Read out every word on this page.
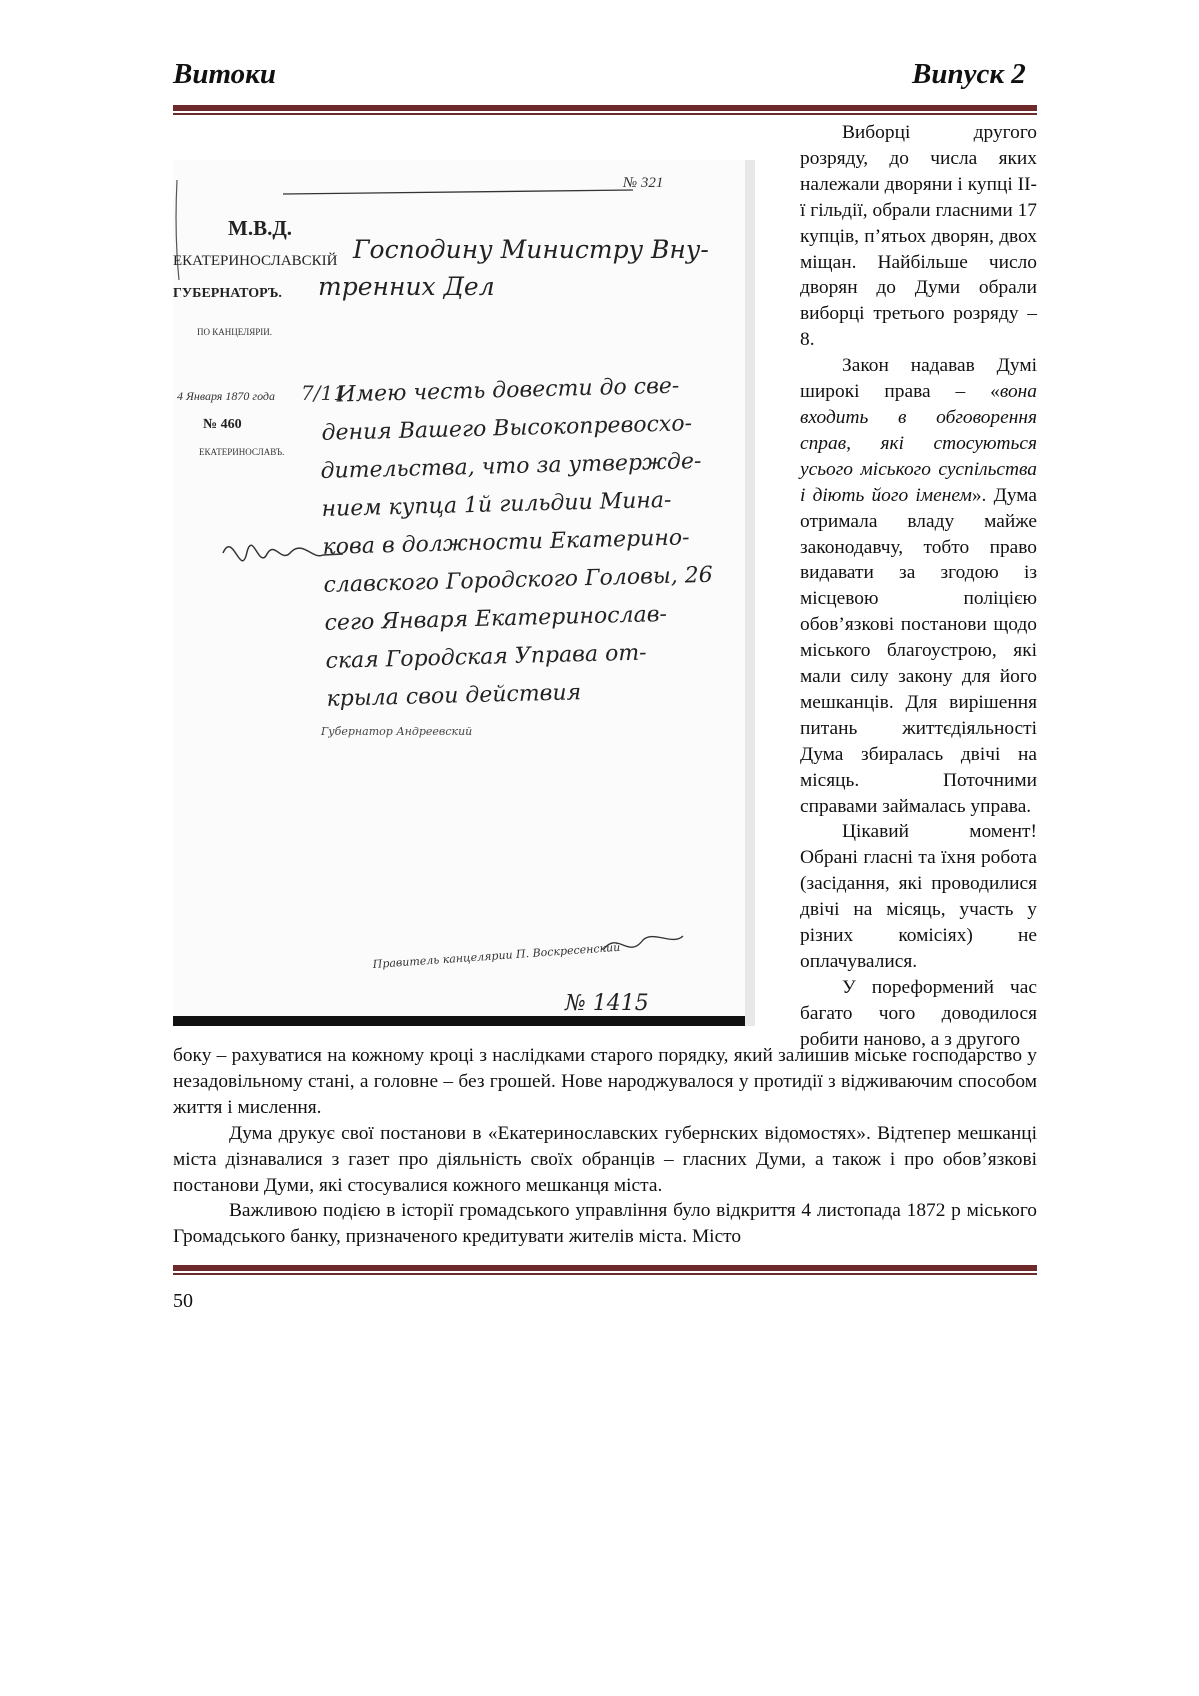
Витоки	Випуск 2
№ 321
М.В.Д.
ЕКАТЕРИНОСЛАВСКІЙ
ГУБЕРНАТОРЪ.
ПО КАНЦЕЛЯРІИ.
4 Января 1870 года
№ 460
ЕКАТЕРИНОСЛАВЪ.
Господину Министру Вну-
тренних Дел
7/11
Имею честь довести до све-
дения Вашего Высокопревосхо-
дительства, что за утвержде-
нием купца 1й гильдии Мина-
кова в должности Екатерино-
славского Городского Головы, 26
сего Января Екатеринослав-
ская Городская Управа от-
крыла свои действия
Губернатор Андреевский
Правитель канцелярии П. Воскресенский
№ 1415

Виборці другого розряду, до числа яких належали дворяни і купці ІІ-ї гільдії, обрали гласними 17 купців, п’ятьох дворян, двох міщан. Найбільше число дворян до Думи обрали виборці третього розряду – 8.

Закон надавав Думі широкі права – «вона входить в обговорення справ, які стосуються усього міського суспільства і діють його іменем». Дума отримала владу майже законодавчу, тобто право видавати за згодою із місцевою поліцією обов’язкові постанови щодо міського благоустрою, які мали силу закону для його мешканців. Для вирішення питань життєдіяльності Дума збиралась двічі на місяць. Поточними справами займалась управа.

Цікавий момент! Обрані гласні та їхня робота (засідання, які проводилися двічі на місяць, участь у різних комісіях) не оплачувалися.

У пореформений час багато чого доводилося робити наново, а з другого

боку – рахуватися на кожному кроці з наслідками старого порядку, який залишив міське господарство у незадовільному стані, а головне – без грошей. Нове народжувалося у протидії з відживаючим способом життя і мислення.

Дума друкує свої постанови в «Екатеринославских губернских відомостях». Відтепер мешканці міста дізнавалися з газет про діяльність своїх обранців – гласних Думи, а також і про обов’язкові постанови Думи, які стосувалися кожного мешканця міста.

Важливою подією в історії громадського управління було відкриття 4 листопада 1872 р міського Громадського банку, призначеного кредитувати жителів міста. Місто

50
